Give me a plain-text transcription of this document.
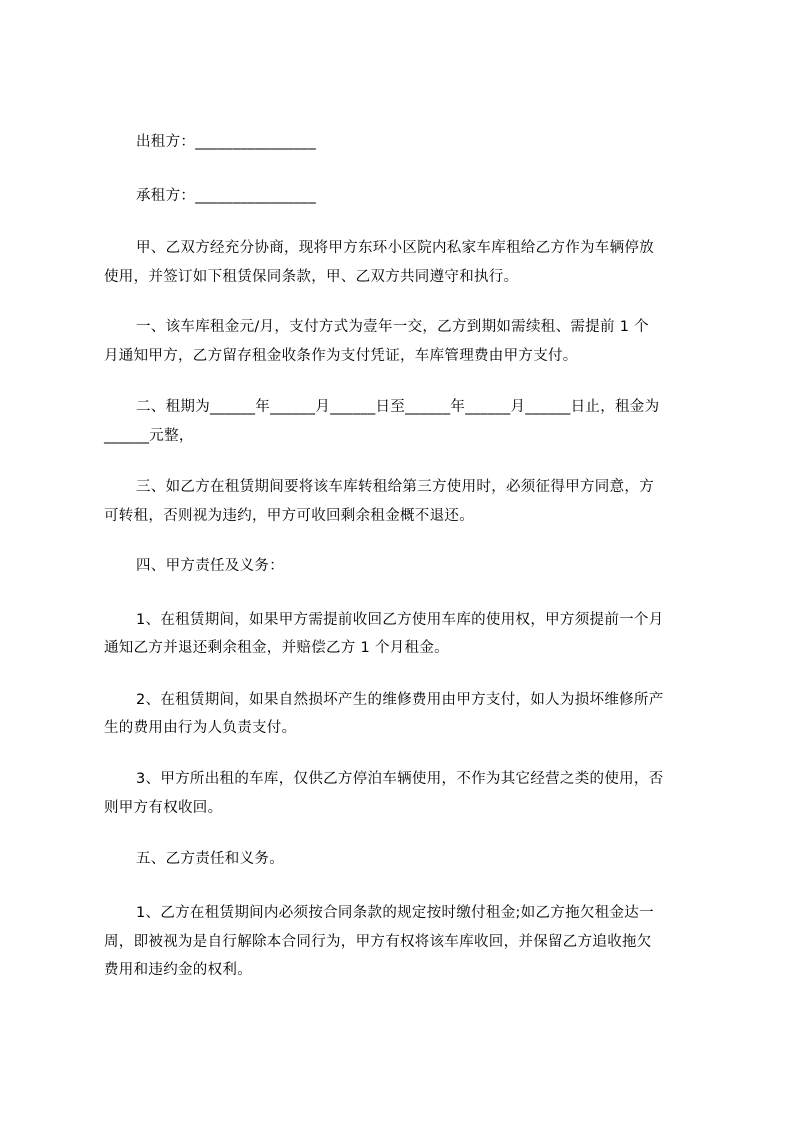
出租方：________________
承租方：________________
甲、乙双方经充分协商，现将甲方东环小区院内私家车库租给乙方作为车辆停放
使用，并签订如下租赁保同条款，甲、乙双方共同遵守和执行。
一、该车库租金元/月，支付方式为壹年一交，乙方到期如需续租、需提前 1 个
月通知甲方，乙方留存租金收条作为支付凭证，车库管理费由甲方支付。
二、租期为______年______月______日至______年______月______日止，租金为
______元整，
三、如乙方在租赁期间要将该车库转租给第三方使用时，必须征得甲方同意，方
可转租，否则视为违约，甲方可收回剩余租金概不退还。
四、甲方责任及义务：
1、在租赁期间，如果甲方需提前收回乙方使用车库的使用权，甲方须提前一个月
通知乙方并退还剩余租金，并赔偿乙方 1 个月租金。
2、在租赁期间，如果自然损坏产生的维修费用由甲方支付，如人为损坏维修所产
生的费用由行为人负责支付。
3、甲方所出租的车库，仅供乙方停泊车辆使用，不作为其它经营之类的使用，否
则甲方有权收回。
五、乙方责任和义务。
1、乙方在租赁期间内必须按合同条款的规定按时缴付租金;如乙方拖欠租金达一
周，即被视为是自行解除本合同行为，甲方有权将该车库收回，并保留乙方追收拖欠
费用和违约金的权利。
